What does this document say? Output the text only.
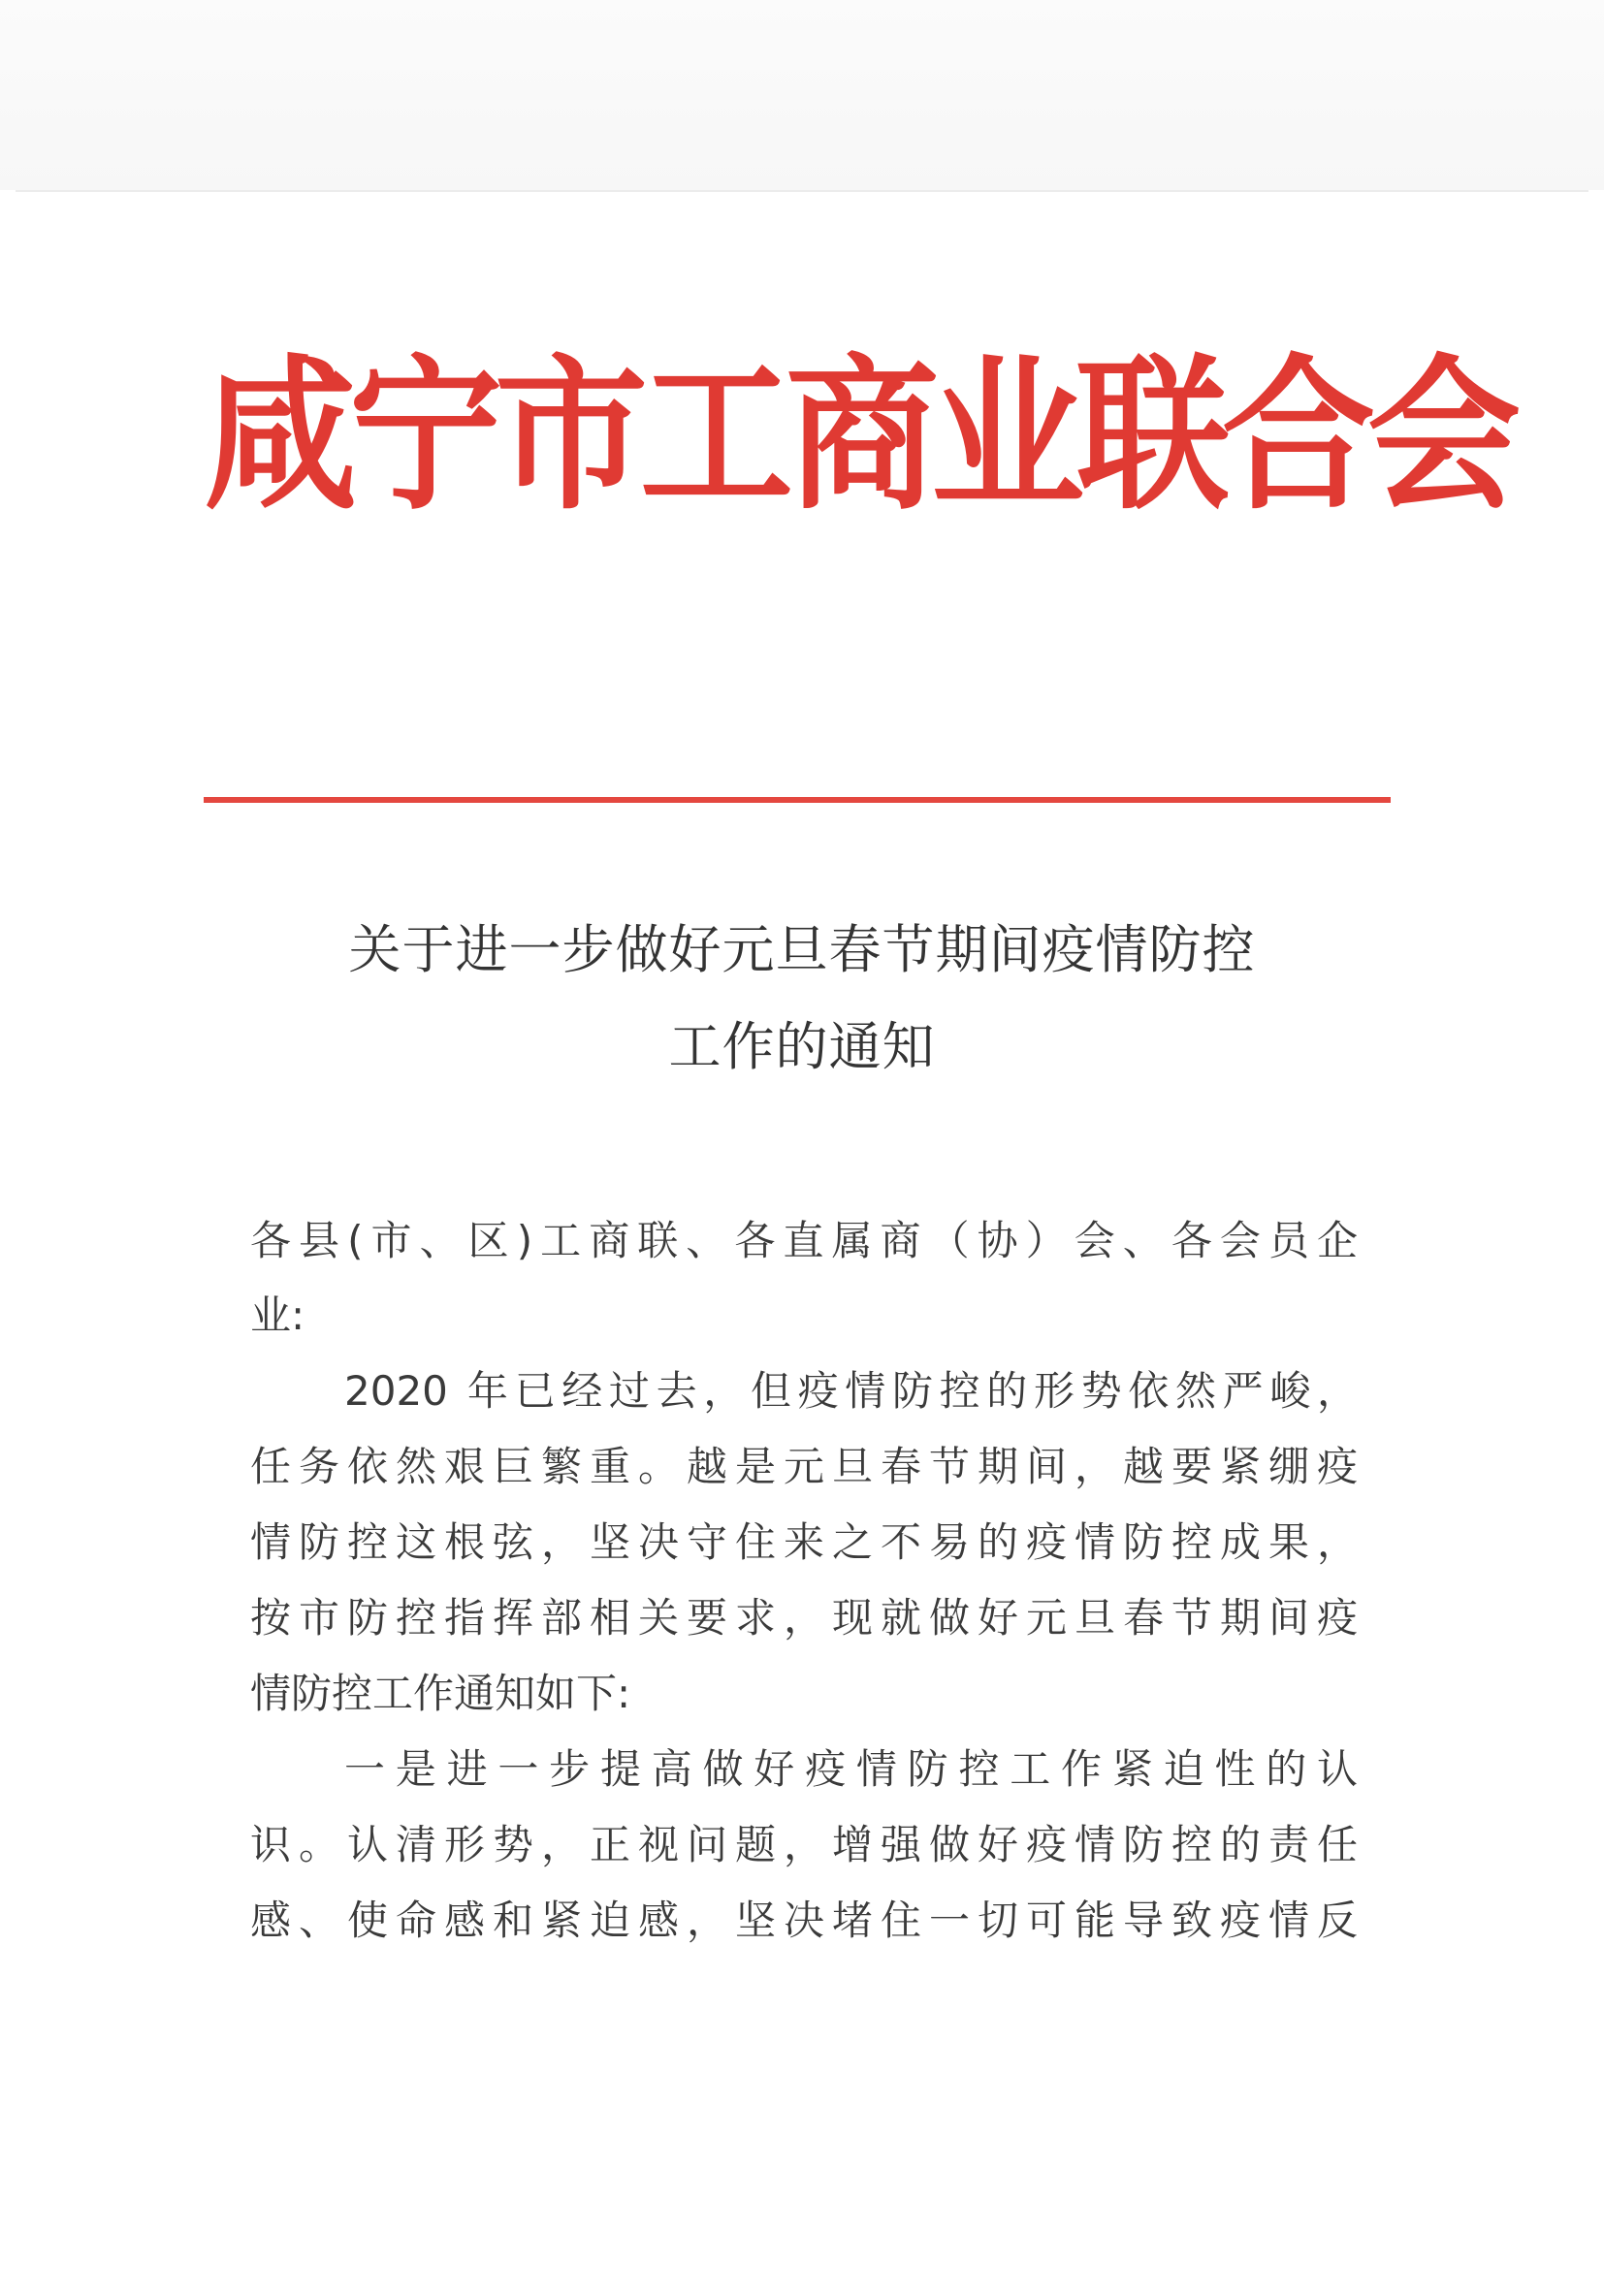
咸宁市工商业联合会
关于进一步做好元旦春节期间疫情防控
工作的通知
各县(市、区)工商联、各直属商（协）会、各会员企
业:
2020 年已经过去，但疫情防控的形势依然严峻，
任务依然艰巨繁重。越是元旦春节期间，越要紧绷疫
情防控这根弦，坚决守住来之不易的疫情防控成果，
按市防控指挥部相关要求，现就做好元旦春节期间疫
情防控工作通知如下:
一是进一步提高做好疫情防控工作紧迫性的认
识。认清形势，正视问题，增强做好疫情防控的责任
感、使命感和紧迫感，坚决堵住一切可能导致疫情反
